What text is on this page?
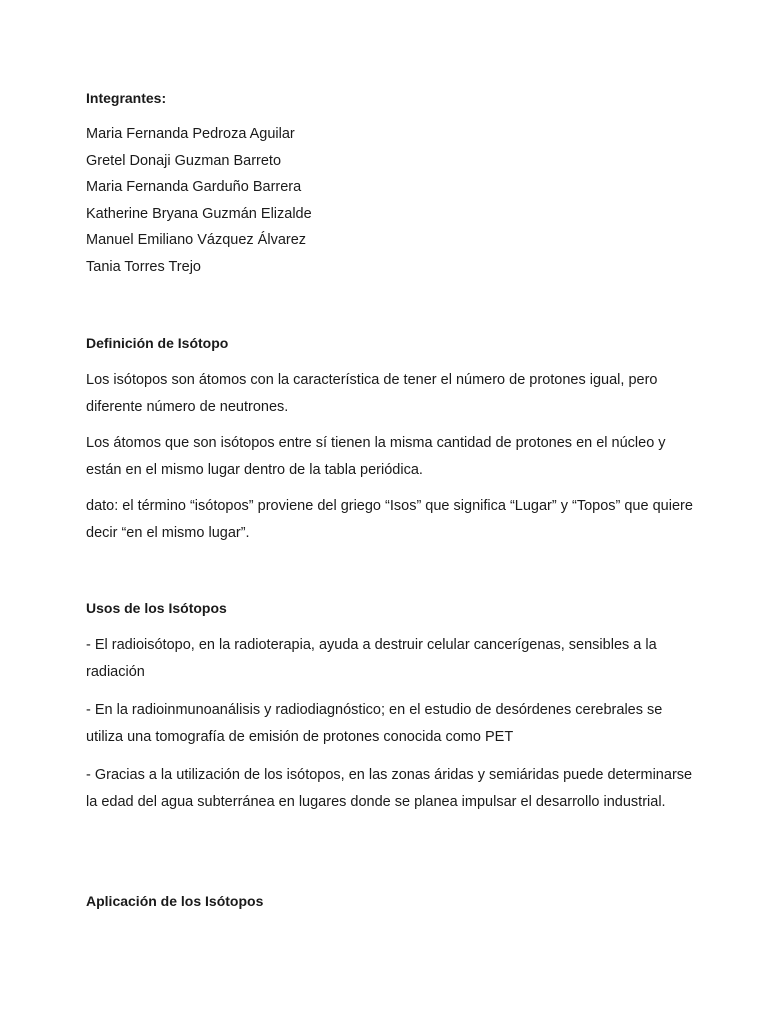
Integrantes:

Maria Fernanda Pedroza Aguilar

Gretel Donaji Guzman Barreto

Maria Fernanda Garduño Barrera

Katherine Bryana Guzmán Elizalde

Manuel Emiliano Vázquez Álvarez

Tania Torres Trejo

Definición de Isótopo

Los isótopos son átomos con la característica de tener el número de protones igual, pero diferente número de neutrones.

Los átomos que son isótopos entre sí tienen la misma cantidad de protones en el núcleo y están en el mismo lugar dentro de la tabla periódica.

dato: el término “isótopos” proviene del griego “Isos” que significa “Lugar” y “Topos” que quiere decir “en el mismo lugar”.

Usos de los Isótopos

- El radioisótopo, en la radioterapia, ayuda a destruir celular cancerígenas, sensibles a la radiación

- En la radioinmunoanálisis y radiodiagnóstico; en el estudio de desórdenes cerebrales se utiliza una tomografía de emisión de protones conocida como PET

- Gracias a la utilización de los isótopos, en las zonas áridas y semiáridas puede determinarse la edad del agua subterránea en lugares donde se planea impulsar el desarrollo industrial.

Aplicación de los Isótopos
